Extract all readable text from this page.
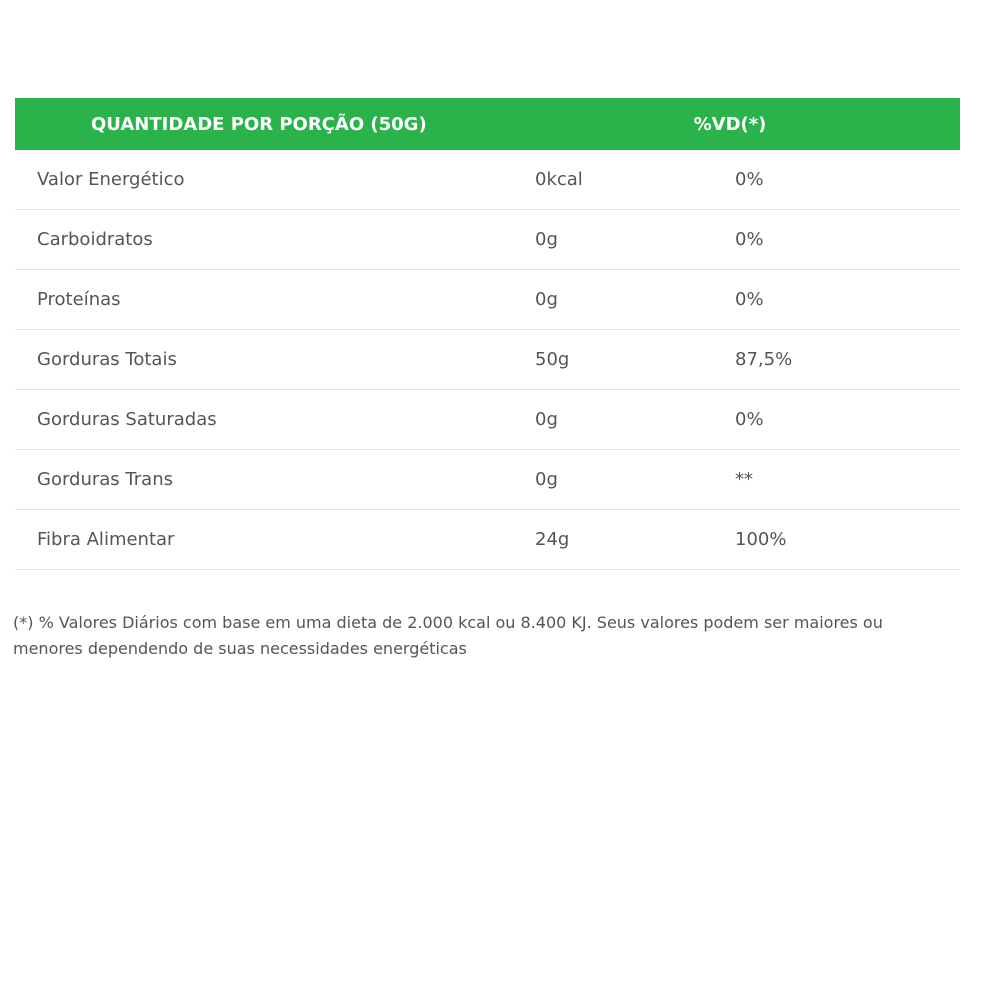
QUANTIDADE POR PORÇÃO (50G)	%VD(*)
Valor Energético	0kcal	0%
Carboidratos	0g	0%
Proteínas	0g	0%
Gorduras Totais	50g	87,5%
Gorduras Saturadas	0g	0%
Gorduras Trans	0g	**
Fibra Alimentar	24g	100%

(*) % Valores Diários com base em uma dieta de 2.000 kcal ou 8.400 KJ. Seus valores podem ser maiores ou menores dependendo de suas necessidades energéticas
